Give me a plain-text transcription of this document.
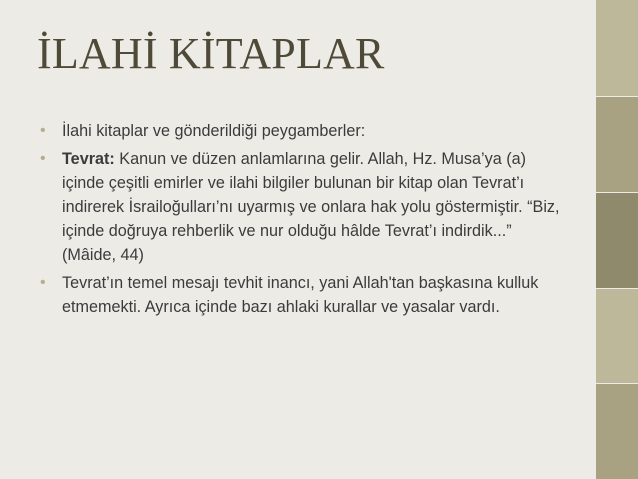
İLAHİ KİTAPLAR
• İlahi kitaplar ve gönderildiği peygamberler:
• Tevrat: Kanun ve düzen anlamlarına gelir. Allah, Hz. Musa’ya (a) içinde çeşitli emirler ve ilahi bilgiler bulunan bir kitap olan Tevrat’ı indirerek İsrailoğulları’nı uyarmış ve onlara hak yolu göstermiştir. “Biz, içinde doğruya rehberlik ve nur olduğu hâlde Tevrat’ı indirdik...” (Mâide, 44)
• Tevrat’ın temel mesajı tevhit inancı, yani Allah'tan başkasına kulluk etmemekti. Ayrıca içinde bazı ahlaki kurallar ve yasalar vardı.
